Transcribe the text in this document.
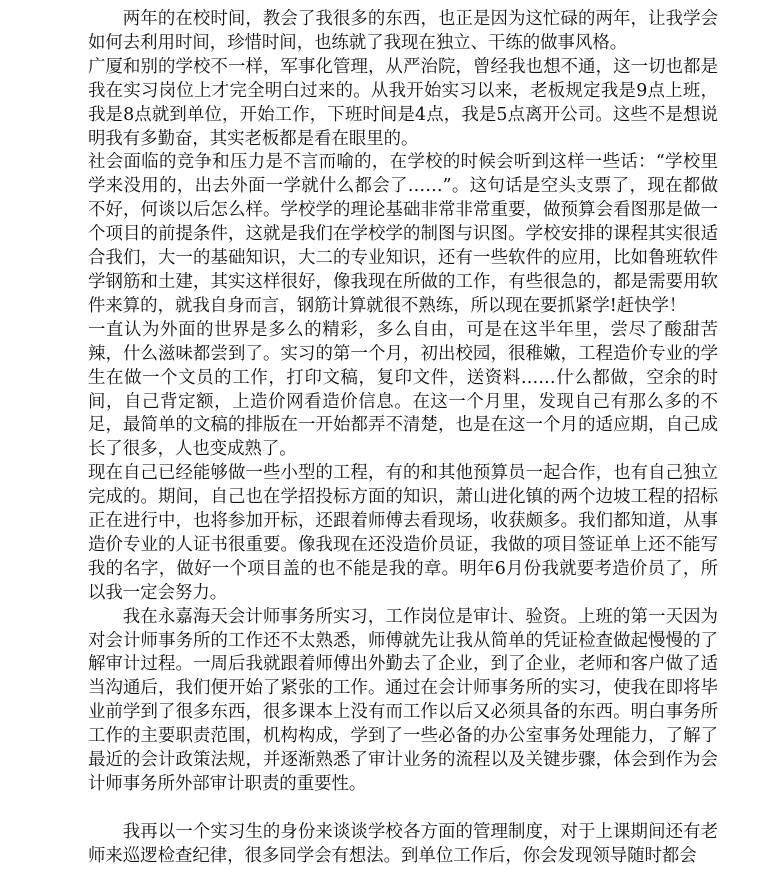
两年的在校时间，教会了我很多的东西，也正是因为这忙碌的两年，让我学会如何去利用时间，珍惜时间，也练就了我现在独立、干练的做事风格。

广厦和别的学校不一样，军事化管理，从严治院，曾经我也想不通，这一切也都是我在实习岗位上才完全明白过来的。从我开始实习以来，老板规定我是9点上班，我是8点就到单位，开始工作，下班时间是4点，我是5点离开公司。这些不是想说明我有多勤奋，其实老板都是看在眼里的。

社会面临的竞争和压力是不言而喻的，在学校的时候会听到这样一些话：“学校里学来没用的，出去外面一学就什么都会了……”。这句话是空头支票了，现在都做不好，何谈以后怎么样。学校学的理论基础非常非常重要，做预算会看图那是做一个项目的前提条件，这就是我们在学校学的制图与识图。学校安排的课程其实很适合我们，大一的基础知识，大二的专业知识，还有一些软件的应用，比如鲁班软件学钢筋和土建，其实这样很好，像我现在所做的工作，有些很急的，都是需要用软件来算的，就我自身而言，钢筋计算就很不熟练，所以现在要抓紧学!赶快学！

一直认为外面的世界是多么的精彩，多么自由，可是在这半年里，尝尽了酸甜苦辣，什么滋味都尝到了。实习的第一个月，初出校园，很稚嫩，工程造价专业的学生在做一个文员的工作，打印文稿，复印文件，送资料……什么都做，空余的时间，自己背定额，上造价网看造价信息。在这一个月里，发现自己有那么多的不足，最简单的文稿的排版在一开始都弄不清楚，也是在这一个月的适应期，自己成长了很多，人也变成熟了。

现在自己已经能够做一些小型的工程，有的和其他预算员一起合作，也有自己独立完成的。期间，自己也在学招投标方面的知识，萧山进化镇的两个边坡工程的招标正在进行中，也将参加开标，还跟着师傅去看现场，收获颇多。我们都知道，从事造价专业的人证书很重要。像我现在还没造价员证，我做的项目签证单上还不能写我的名字，做好一个项目盖的也不能是我的章。明年6月份我就要考造价员了，所以我一定会努力。

我在永嘉海天会计师事务所实习，工作岗位是审计、验资。上班的第一天因为对会计师事务所的工作还不太熟悉，师傅就先让我从简单的凭证检查做起慢慢的了解审计过程。一周后我就跟着师傅出外勤去了企业，到了企业，老师和客户做了适当沟通后，我们便开始了紧张的工作。通过在会计师事务所的实习，使我在即将毕业前学到了很多东西，很多课本上没有而工作以后又必须具备的东西。明白事务所工作的主要职责范围，机构构成，学到了一些必备的办公室事务处理能力，了解了最近的会计政策法规，并逐渐熟悉了审计业务的流程以及关键步骤，体会到作为会计师事务所外部审计职责的重要性。

我再以一个实习生的身份来谈谈学校各方面的管理制度，对于上课期间还有老师来巡逻检查纪律，很多同学会有想法。到单位工作后，你会发现领导随时都会
